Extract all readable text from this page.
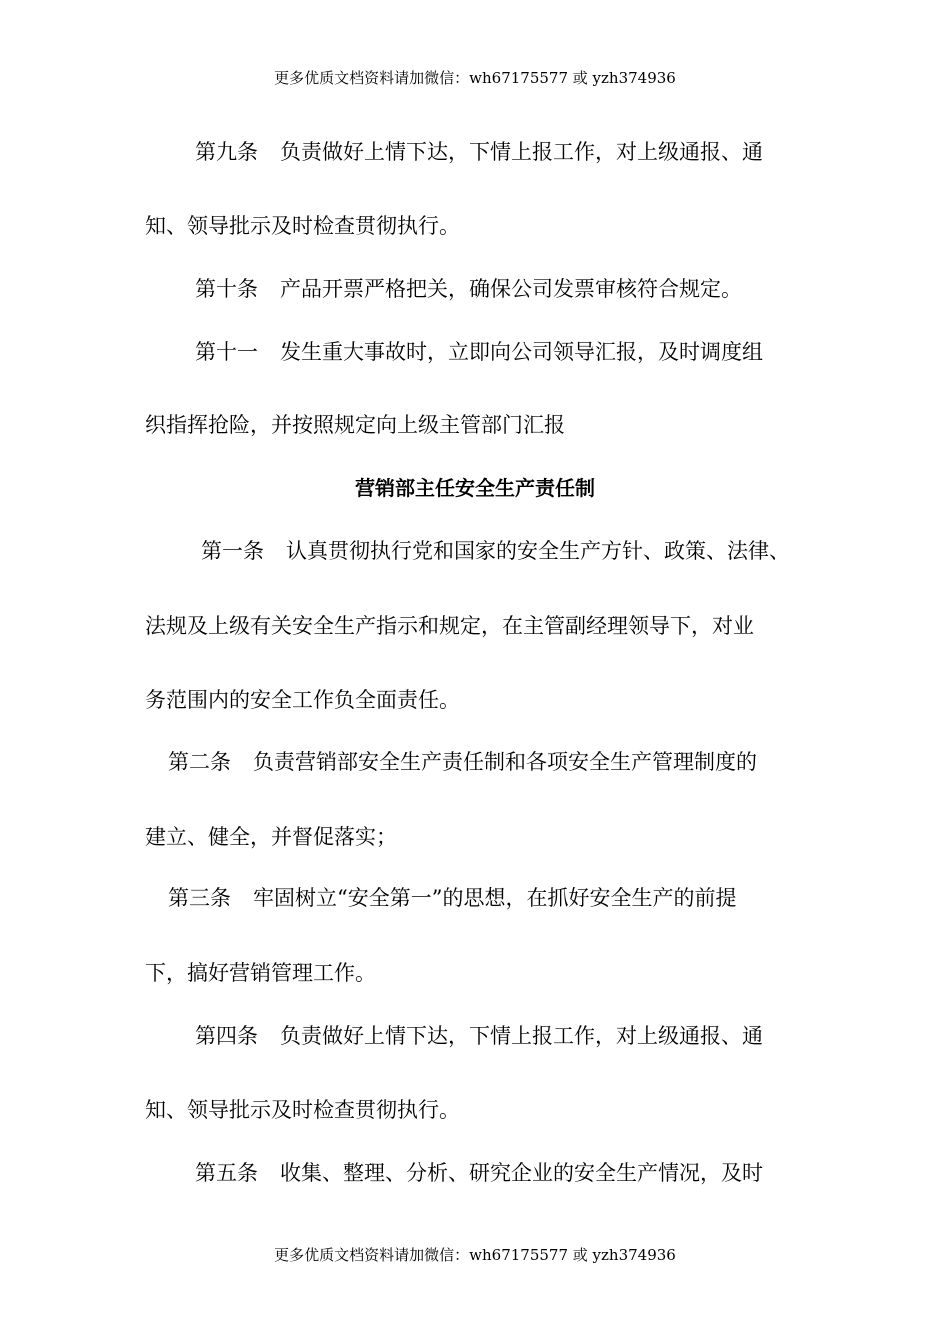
更多优质文档资料请加微信：wh67175577 或 yzh374936
第九条 负责做好上情下达，下情上报工作，对上级通报、通
知、领导批示及时检查贯彻执行。
第十条 产品开票严格把关，确保公司发票审核符合规定。
第十一 发生重大事故时，立即向公司领导汇报，及时调度组
织指挥抢险，并按照规定向上级主管部门汇报
营销部主任安全生产责任制
第一条 认真贯彻执行党和国家的安全生产方针、政策、法律、
法规及上级有关安全生产指示和规定，在主管副经理领导下，对业
务范围内的安全工作负全面责任。
第二条 负责营销部安全生产责任制和各项安全生产管理制度的
建立、健全，并督促落实；
第三条 牢固树立“安全第一”的思想，在抓好安全生产的前提
下，搞好营销管理工作。
第四条 负责做好上情下达，下情上报工作，对上级通报、通
知、领导批示及时检查贯彻执行。
第五条 收集、整理、分析、研究企业的安全生产情况，及时
更多优质文档资料请加微信：wh67175577 或 yzh374936
